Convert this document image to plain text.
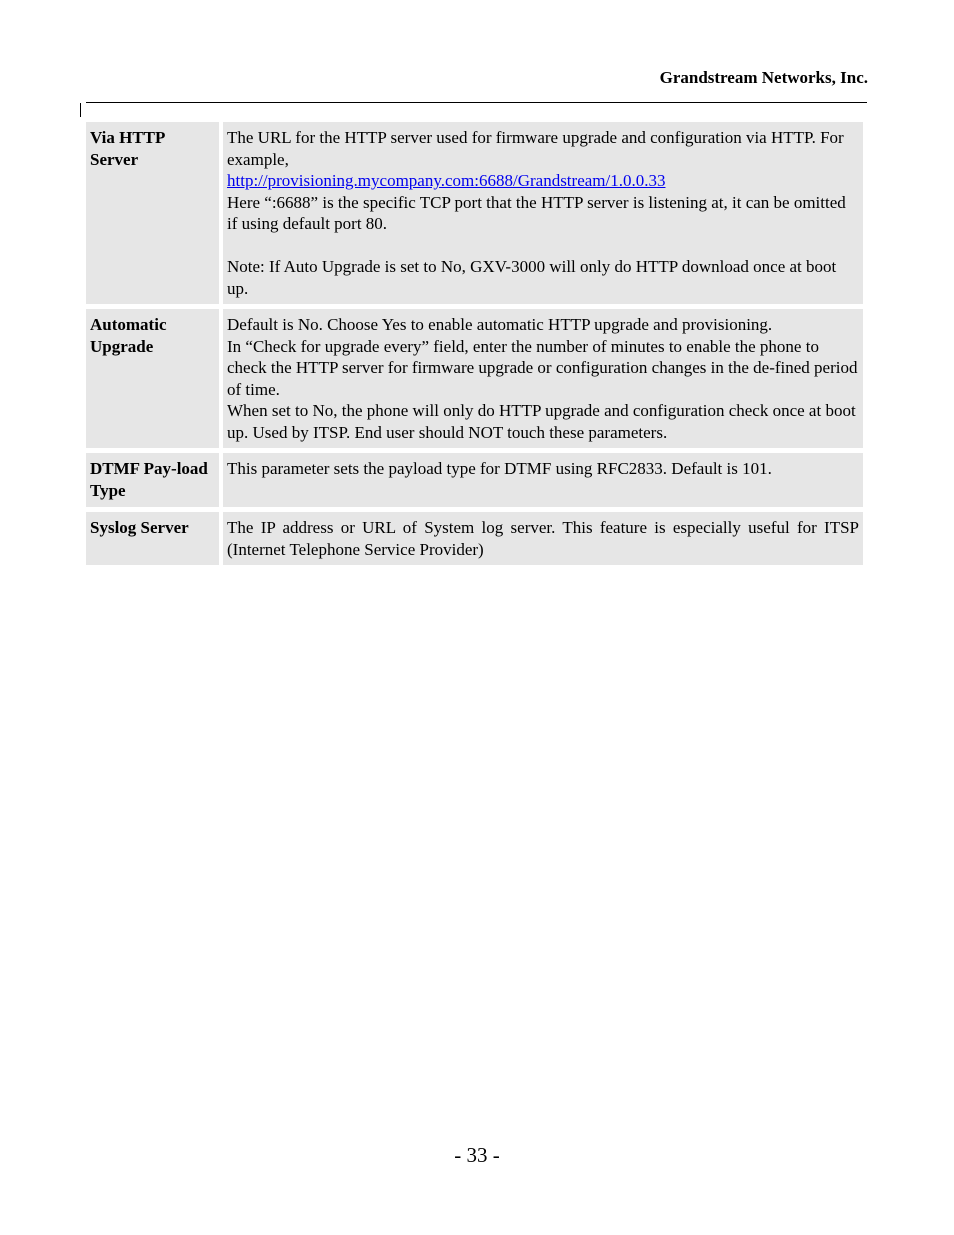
Grandstream Networks, Inc.
Via HTTP Server	The URL for the HTTP server used for firmware upgrade and configuration via HTTP. For example,

http://provisioning.mycompany.com:6688/Grandstream/1.0.0.33

Here “:6688” is the specific TCP port that the HTTP server is listening at, it can be omitted if using default port 80.

Note: If Auto Upgrade is set to No, GXV-3000 will only do HTTP download once at boot up.

Automatic Upgrade	Default is No. Choose Yes to enable automatic HTTP upgrade and provisioning.

In “Check for upgrade every” field, enter the number of minutes to enable the phone to check the HTTP server for firmware upgrade or configuration changes in the de-fined period of time.

When set to No, the phone will only do HTTP upgrade and configuration check once at boot up. Used by ITSP. End user should NOT touch these parameters.

DTMF Pay-load Type	This parameter sets the payload type for DTMF using RFC2833. Default is 101.

Syslog Server	The IP address or URL of System log server. This feature is especially useful for ITSP (Internet Telephone Service Provider)

- 33 -
